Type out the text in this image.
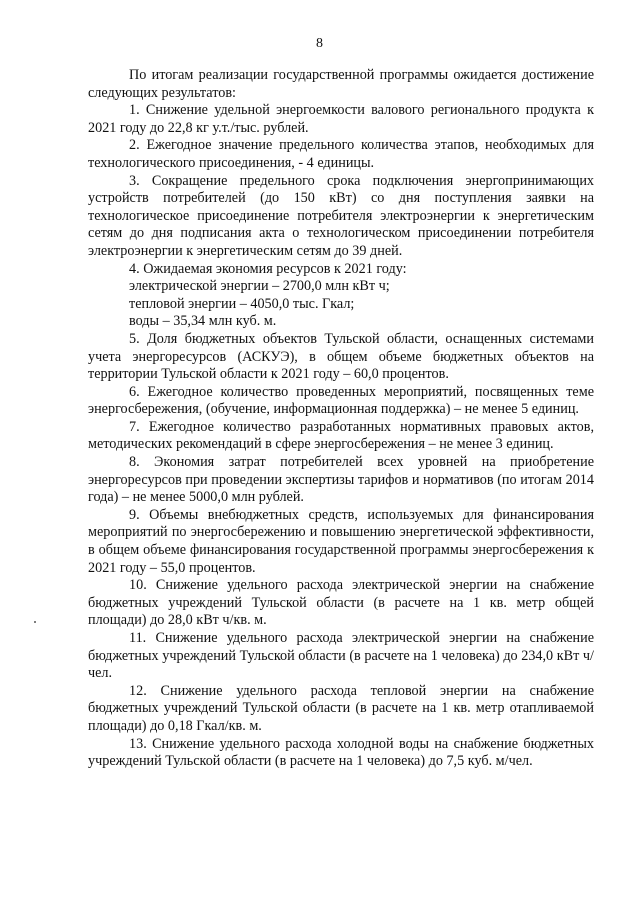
8

По итогам реализации государственной программы ожидается достижение следующих результатов:

1. Снижение удельной энергоемкости валового регионального продукта к 2021 году до 22,8 кг у.т./тыс. рублей.

2. Ежегодное значение предельного количества этапов, необходимых для технологического присоединения, - 4 единицы.

3. Сокращение предельного срока подключения энергопринимающих устройств потребителей (до 150 кВт) со дня поступления заявки на технологическое присоединение потребителя электроэнергии к энергетическим сетям до дня подписания акта о технологическом присоединении потребителя электроэнергии к энергетическим сетям до 39 дней.

4. Ожидаемая экономия ресурсов к 2021 году:

электрической энергии – 2700,0 млн кВт ч;

тепловой энергии – 4050,0 тыс. Гкал;

воды – 35,34 млн куб. м.

5. Доля бюджетных объектов Тульской области, оснащенных системами учета энергоресурсов (АСКУЭ), в общем объеме бюджетных объектов на территории Тульской области к 2021 году – 60,0 процентов.

6. Ежегодное количество проведенных мероприятий, посвященных теме энергосбережения, (обучение, информационная поддержка) – не менее 5 единиц.

7. Ежегодное количество разработанных нормативных правовых актов, методических рекомендаций в сфере энергосбережения – не менее 3 единиц.

8. Экономия затрат потребителей всех уровней на приобретение энергоресурсов при проведении экспертизы тарифов и нормативов (по итогам 2014 года) – не менее 5000,0 млн рублей.

9. Объемы внебюджетных средств, используемых для финансирования мероприятий по энергосбережению и повышению энергетической эффективности, в общем объеме финансирования государственной программы энергосбережения к 2021 году – 55,0 процентов.

10. Снижение удельного расхода электрической энергии на снабжение бюджетных учреждений Тульской области (в расчете на 1 кв. метр общей площади) до 28,0 кВт ч/кв. м.

11. Снижение удельного расхода электрической энергии на снабжение бюджетных учреждений Тульской области (в расчете на 1 человека) до 234,0 кВт ч/чел.

12. Снижение удельного расхода тепловой энергии на снабжение бюджетных учреждений Тульской области (в расчете на 1 кв. метр отапливаемой площади) до 0,18 Гкал/кв. м.

13. Снижение удельного расхода холодной воды на снабжение бюджетных учреждений Тульской области (в расчете на 1 человека) до 7,5 куб. м/чел.
